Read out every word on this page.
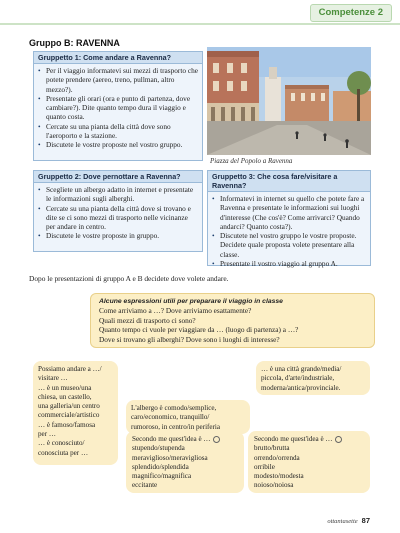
Competenze 2
Gruppo B: RAVENNA
Gruppetto 1: Come andare a Ravenna?
• Per il viaggio informatevi sui mezzi di trasporto che potete prendere (aereo, treno, pullman, altro mezzo?).
• Presentate gli orari (ora e punto di partenza, dove cambiare?). Dite quanto tempo dura il viaggio e quanto costa.
• Cercate su una pianta della città dove sono l'aeroporto e la stazione.
• Discutete le vostre proposte nel vostro gruppo.
Piazza del Popolo a Ravenna
Gruppetto 2: Dove pernottare a Ravenna?
• Scegliete un albergo adatto in internet e presentate le informazioni sugli alberghi.
• Cercate su una pianta della città dove si trovano e dite se ci sono mezzi di trasporto nelle vicinanze per andare in centro.
• Discutete le vostre proposte in gruppo.
Gruppetto 3: Che cosa fare/visitare a Ravenna?
• Informatevi in internet su quello che potete fare a Ravenna e presentate le informazioni sui luoghi d'interesse (Che cos'è? Come arrivarci? Quando andarci? Quanto costa?).
• Discutete nel vostro gruppo le vostre proposte. Decidete quale proposta volete presentare alla classe.
• Presentate il vostro viaggio al gruppo A.
Dopo le presentazioni di gruppo A e B decidete dove volete andare.
Alcune espressioni utili per preparare il viaggio in classe
Come arriviamo a …? Dove arriviamo esattamente?
Quali mezzi di trasporto ci sono?
Quanto tempo ci vuole per viaggiare da … (luogo di partenza) a …?
Dove si trovano gli alberghi? Dove sono i luoghi di interesse?
Possiamo andare a …/
visitare …
… è un museo/una
chiesa, un castello,
una galleria/un centro
commerciale/artistico
… è famoso/famosa
per …
… è conosciuto/
conosciuta per …
L'albergo è comodo/semplice,
caro/economico, tranquillo/
rumoroso, in centro/in periferia
… è una città grande/media/
piccola, d'arte/industriale,
moderna/antica/provinciale.
Secondo me quest'idea è …
stupendo/stupenda
meraviglioso/meravigliosa
splendido/splendida
magnifico/magnifica
eccitante
Secondo me quest'idea è …
brutto/brutta
orrendo/orrenda
orribile
modesto/modesta
noioso/noiosa
ottantasette 87
